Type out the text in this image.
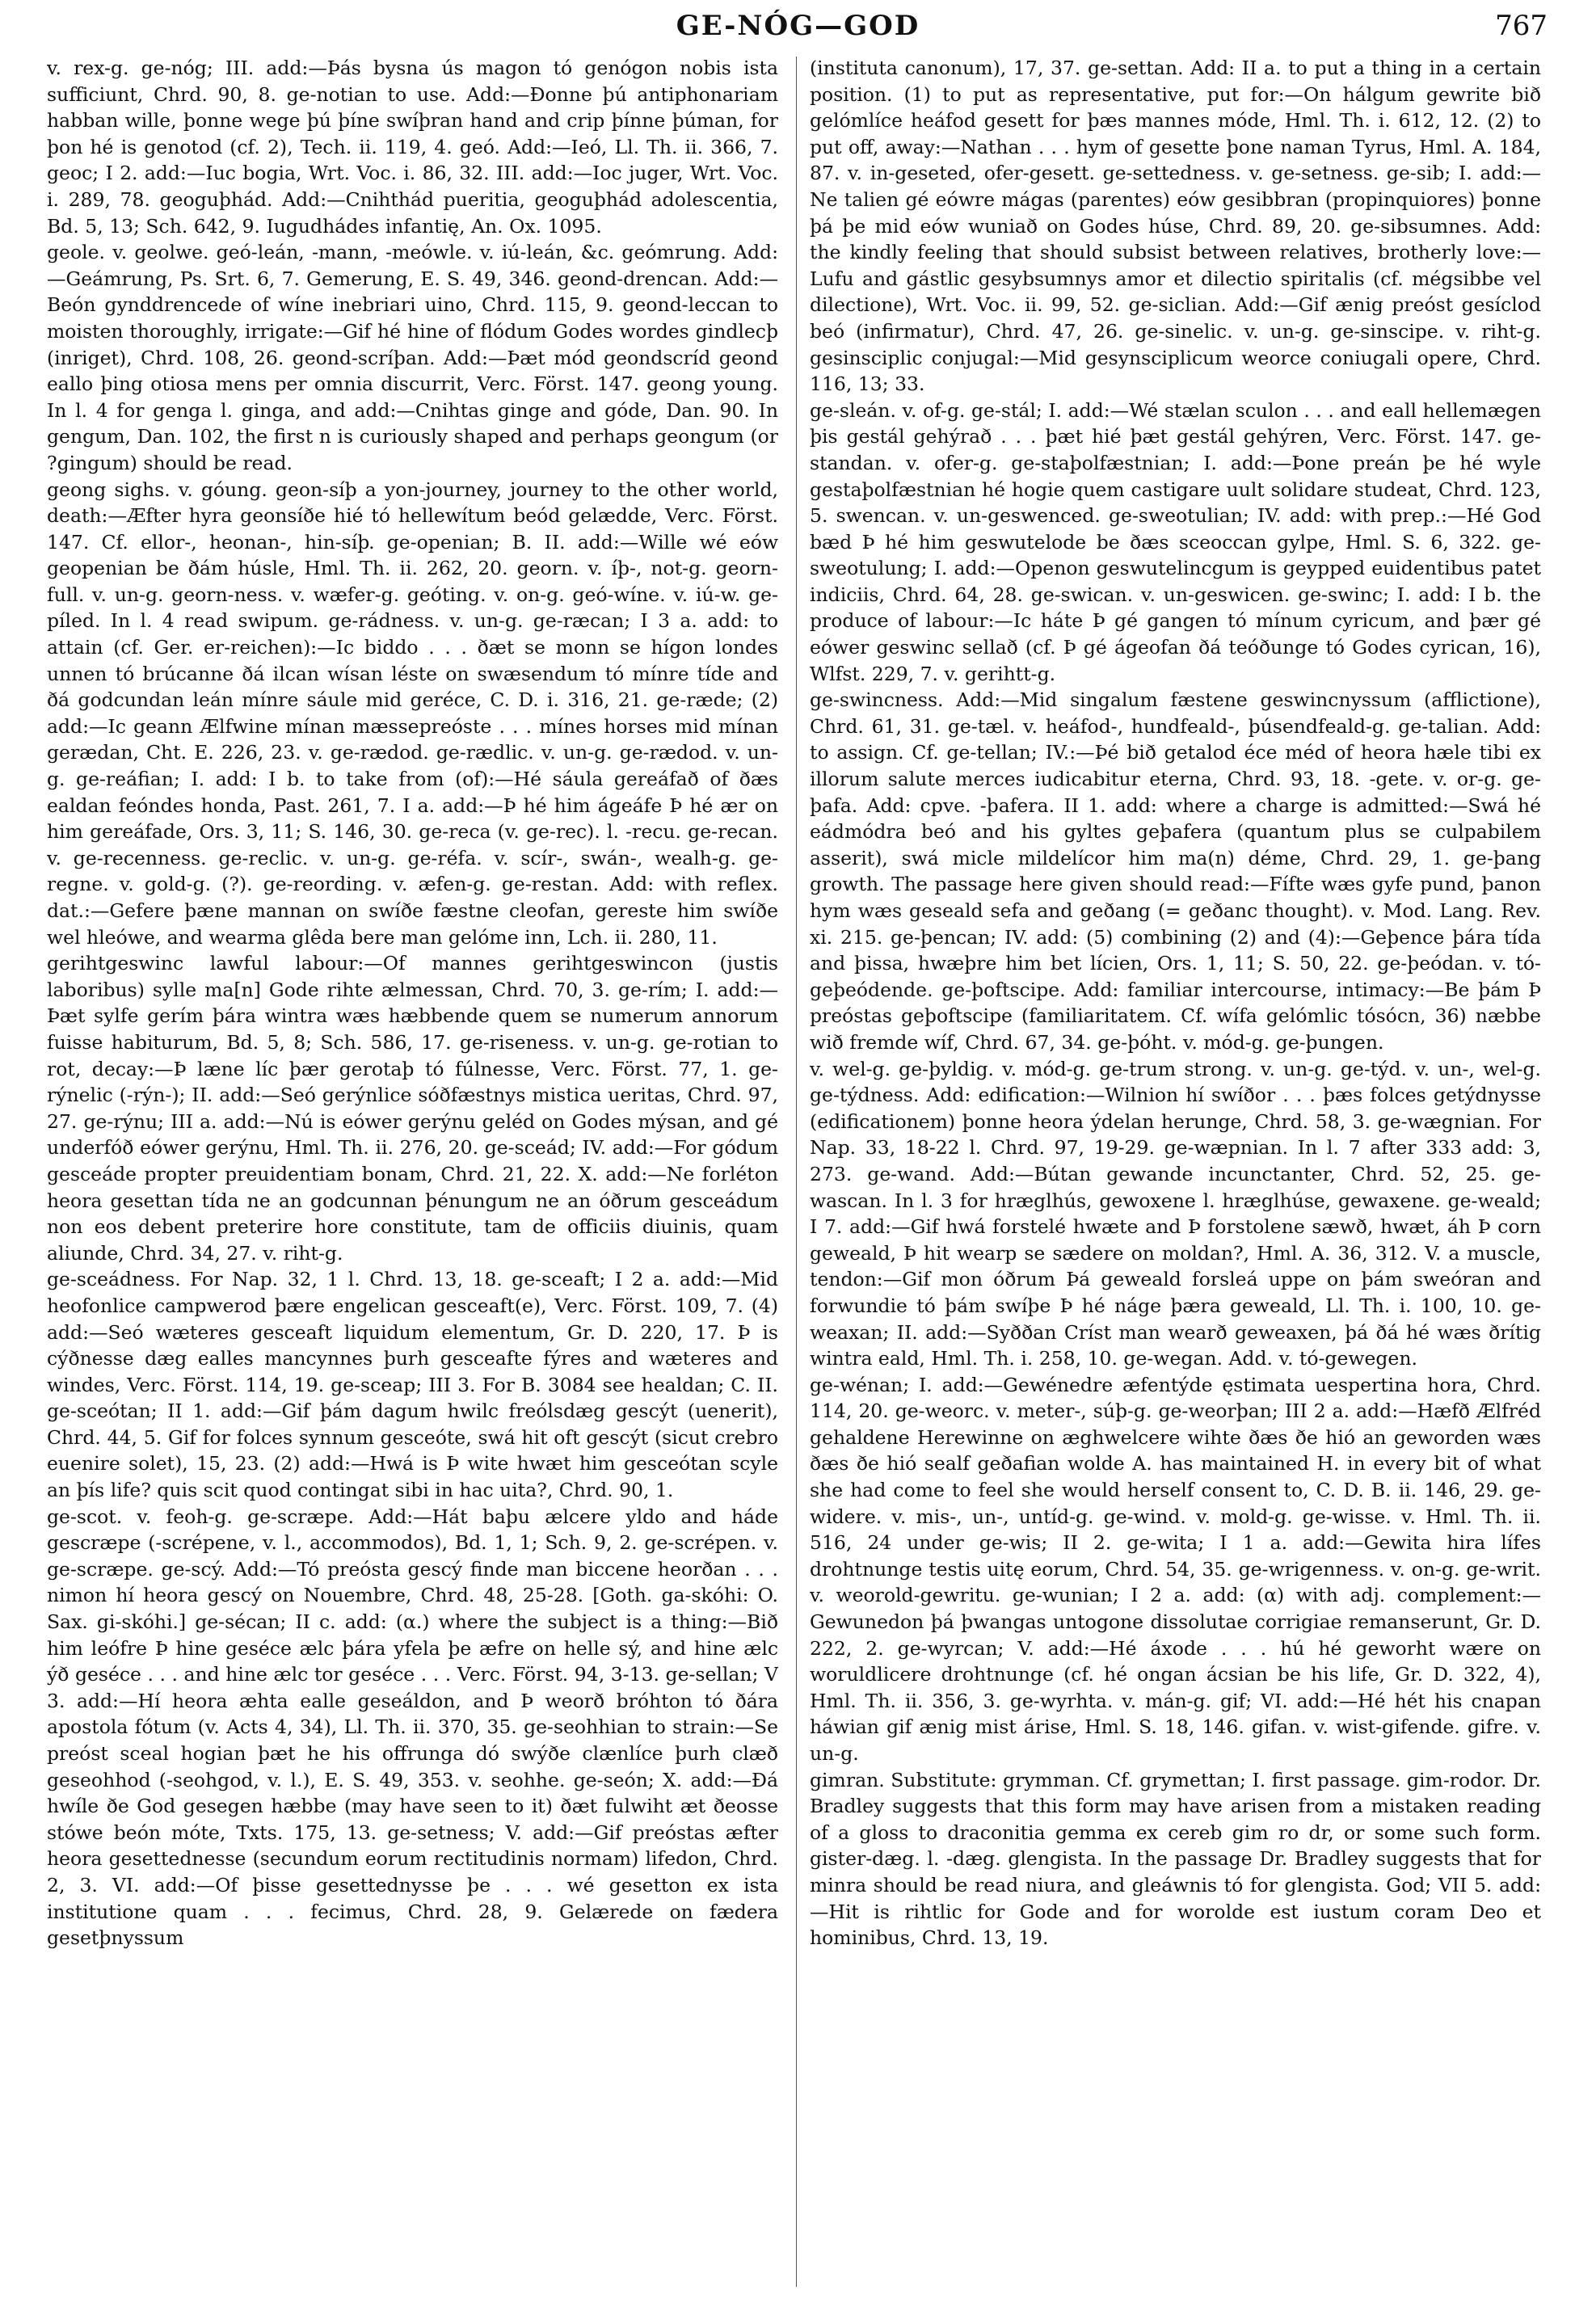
GE-NÓG—GOD	767

v. rex-g. ge-nóg; III. add:—Þás bysna ús magon tó genógon nobis ista sufficiunt, Chrd. 90, 8. ge-notian to use. Add:—Ðonne þú antiphonariam habban wille, þonne wege þú þíne swíþran hand and crip þínne þúman, for þon hé is genotod (cf. 2), Tech. ii. 119, 4. geó. Add:—Ieó, Ll. Th. ii. 366, 7. geoc; I 2. add:—Iuc bogia, Wrt. Voc. i. 86, 32. III. add:—Ioc juger, Wrt. Voc. i. 289, 78. geoguþhád. Add:—Cnihthád pueritia, geoguþhád adolescentia, Bd. 5, 13; Sch. 642, 9. Iugudhádes infantię, An. Ox. 1095.

geole. v. geolwe. geó-leán, -mann, -meówle. v. iú-leán, &c. geómrung. Add:—Geámrung, Ps. Srt. 6, 7. Gemerung, E. S. 49, 346. geond-drencan. Add:—Beón gynddrencede of wíne inebriari uino, Chrd. 115, 9. geond-leccan to moisten thoroughly, irrigate:—Gif hé hine of flódum Godes wordes gindlecþ (inriget), Chrd. 108, 26. geond-scríþan. Add:—Þæt mód geondscríd geond eallo þing otiosa mens per omnia discurrit, Verc. Först. 147. geong young. In l. 4 for genga l. ginga, and add:—Cnihtas ginge and góde, Dan. 90. In gengum, Dan. 102, the first n is curiously shaped and perhaps geongum (or ?gingum) should be read.

geong sighs. v. góung. geon-síþ a yon-journey, journey to the other world, death:—Æfter hyra geonsíðe hié tó hellewítum beód gelædde, Verc. Först. 147. Cf. ellor-, heonan-, hin-síþ. ge-openian; B. II. add:—Wille wé eów geopenian be ðám húsle, Hml. Th. ii. 262, 20. georn. v. íþ-, not-g. georn-full. v. un-g. georn-ness. v. wæfer-g. geóting. v. on-g. geó-wíne. v. iú-w. ge-píled. In l. 4 read swipum. ge-rádness. v. un-g. ge-ræcan; I 3 a. add: to attain (cf. Ger. er-reichen):—Ic biddo . . . ðæt se monn se hígon londes unnen tó brúcanne ðá ilcan wísan léste on swæsendum tó mínre tíde and ðá godcundan leán mínre sáule mid geréce, C. D. i. 316, 21. ge-ræde; (2) add:—Ic geann Ælfwine mínan mæssepreóste . . . mínes horses mid mínan gerædan, Cht. E. 226, 23. v. ge-rædod. ge-rædlic. v. un-g. ge-rædod. v. un-g. ge-reáfian; I. add: I b. to take from (of):—Hé sáula gereáfað of ðæs ealdan feóndes honda, Past. 261, 7. I a. add:—Þ hé him ágeáfe Þ hé ær on him gereáfade, Ors. 3, 11; S. 146, 30. ge-reca (v. ge-rec). l. -recu. ge-recan. v. ge-recenness. ge-reclic. v. un-g. ge-réfa. v. scír-, swán-, wealh-g. ge-regne. v. gold-g. (?). ge-reording. v. æfen-g. ge-restan. Add: with reflex. dat.:—Gefere þæne mannan on swíðe fæstne cleofan, gereste him swíðe wel hleówe, and wearma glêda bere man gelóme inn, Lch. ii. 280, 11.

gerihtgeswinc lawful labour:—Of mannes gerihtgeswincon (justis laboribus) sylle ma[n] Gode rihte ælmessan, Chrd. 70, 3. ge-rím; I. add:—Þæt sylfe gerím þára wintra wæs hæbbende quem se numerum annorum fuisse habiturum, Bd. 5, 8; Sch. 586, 17. ge-riseness. v. un-g. ge-rotian to rot, decay:—Þ læne líc þær gerotaþ tó fúlnesse, Verc. Först. 77, 1. ge-rýnelic (-rýn-); II. add:—Seó gerýnlice sóðfæstnys mistica ueritas, Chrd. 97, 27. ge-rýnu; III a. add:—Nú is eówer gerýnu geléd on Godes mýsan, and gé underfóð eówer gerýnu, Hml. Th. ii. 276, 20. ge-sceád; IV. add:—For gódum gesceáde propter preuidentiam bonam, Chrd. 21, 22. X. add:—Ne forléton heora gesettan tída ne an godcunnan þénungum ne an óðrum gesceádum non eos debent preterire hore constitute, tam de officiis diuinis, quam aliunde, Chrd. 34, 27. v. riht-g.

ge-sceádness. For Nap. 32, 1 l. Chrd. 13, 18. ge-sceaft; I 2 a. add:—Mid heofonlice campwerod þære engelican gesceaft(e), Verc. Först. 109, 7. (4) add:—Seó wæteres gesceaft liquidum elementum, Gr. D. 220, 17. Þ is cýðnesse dæg ealles mancynnes þurh gesceafte fýres and wæteres and windes, Verc. Först. 114, 19. ge-sceap; III 3. For B. 3084 see healdan; C. II. ge-sceótan; II 1. add:—Gif þám dagum hwilc freólsdæg gescýt (uenerit), Chrd. 44, 5. Gif for folces synnum gesceóte, swá hit oft gescýt (sicut crebro euenire solet), 15, 23. (2) add:—Hwá is Þ wite hwæt him gesceótan scyle an þís life? quis scit quod contingat sibi in hac uita?, Chrd. 90, 1.

ge-scot. v. feoh-g. ge-scræpe. Add:—Hát baþu ælcere yldo and háde gescræpe (-scrépene, v. l., accommodos), Bd. 1, 1; Sch. 9, 2. ge-scrépen. v. ge-scræpe. ge-scý. Add:—Tó preósta gescý finde man biccene heorðan . . . nimon hí heora gescý on Nouembre, Chrd. 48, 25-28. [Goth. ga-skóhi: O. Sax. gi-skóhi.] ge-sécan; II c. add: (α.) where the subject is a thing:—Bið him leófre Þ hine geséce ælc þára yfela þe æfre on helle sý, and hine ælc ýð gesécе . . . and hine ælc tor gesécе . . . Verc. Först. 94, 3-13. ge-sellan; V 3. add:—Hí heora æhta ealle geseáldon, and Þ weorð bróhton tó ðára apostola fótum (v. Acts 4, 34), Ll. Th. ii. 370, 35. ge-seohhian to strain:—Se preóst sceal hogian þæt he his offrunga dó swýðe clænlíce þurh clæð geseohhod (-seohgod, v. l.), E. S. 49, 353. v. seohhe. ge-seón; X. add:—Ðá hwíle ðe God gesegen hæbbe (may have seen to it) ðæt fulwiht æt ðeosse stówe beón móte, Txts. 175, 13. ge-setness; V. add:—Gif preóstas æfter heora gesettednesse (secundum eorum rectitudinis normam) lifedon, Chrd. 2, 3. VI. add:—Of þisse gesettednysse þe . . . wé gesetton ex ista institutione quam . . . fecimus, Chrd. 28, 9. Gelærede on fædera gesetþnyssum

(instituta canonum), 17, 37. ge-settan. Add: II a. to put a thing in a certain position. (1) to put as representative, put for:—On hálgum gewrite bið gelómlíce heáfod gesett for þæs mannes móde, Hml. Th. i. 612, 12. (2) to put off, away:—Nathan . . . hym of gesette þone naman Tyrus, Hml. A. 184, 87. v. in-geseted, ofer-gesett. ge-settedness. v. ge-setness. ge-sib; I. add:—Ne talien gé eówre mágas (parentes) eów gesibbran (propinquiores) þonne þá þe mid eów wuniað on Godes húse, Chrd. 89, 20. ge-sibsumnes. Add: the kindly feeling that should subsist between relatives, brotherly love:—Lufu and gástlic gesybsumnys amor et dilectio spiritalis (cf. mégsibbe vel dilectione), Wrt. Voc. ii. 99, 52. ge-siclian. Add:—Gif ænig preóst gesíclod beó (infirmatur), Chrd. 47, 26. ge-sinelic. v. un-g. ge-sinscipe. v. riht-g. gesinsciplic conjugal:—Mid gesynsciplicum weorce coniugali opere, Chrd. 116, 13; 33.

ge-sleán. v. of-g. ge-stál; I. add:—Wé stælan sculon . . . and eall hellemægen þis gestál gehýrað . . . þæt hié þæt gestál gehýren, Verc. Först. 147. ge-standan. v. ofer-g. ge-staþolfæstnian; I. add:—Þone preán þe hé wyle gestaþolfæstnian hé hogie quem castigare uult solidare studeat, Chrd. 123, 5. swencan. v. un-geswenced. ge-sweotulian; IV. add: with prep.:—Hé God bæd Þ hé him geswutelode be ðæs sceoccan gylpe, Hml. S. 6, 322. ge-sweotulung; I. add:—Openon geswutelincgum is geypped euidentibus patet indiciis, Chrd. 64, 28. ge-swican. v. un-geswicen. ge-swinc; I. add: I b. the produce of labour:—Ic háte Þ gé gangen tó mínum cyricum, and þær gé eówer geswinc sellað (cf. Þ gé ágeofan ðá teóðunge tó Godes cyrican, 16), Wlfst. 229, 7. v. gerihtt-g.

ge-swincness. Add:—Mid singalum fæstene geswincnyssum (afflictione), Chrd. 61, 31. ge-tæl. v. heáfod-, hundfeald-, þúsendfeald-g. ge-talian. Add: to assign. Cf. ge-tellan; IV.:—Þé bið getalod éce méd of heora hæle tibi ex illorum salute merces iudicabitur eterna, Chrd. 93, 18. -gete. v. or-g. ge-þafa. Add: cpve. -þafera. II 1. add: where a charge is admitted:—Swá hé eádmódra beó and his gyltes geþafera (quantum plus se culpabilem asserit), swá micle mildelícor him ma(n) déme, Chrd. 29, 1. ge-þang growth. The passage here given should read:—Fífte wæs gyfe pund, þanon hym wæs geseald sefa and geðang (= geðanc thought). v. Mod. Lang. Rev. xi. 215. ge-þencan; IV. add: (5) combining (2) and (4):—Geþence þára tída and þissa, hwæþre him bet lícien, Ors. 1, 11; S. 50, 22. ge-þeódan. v. tó-geþeódende. ge-þoftscipe. Add: familiar intercourse, intimacy:—Be þám Þ preóstas geþoftscipe (familiaritatem. Cf. wífa gelómlic tósócn, 36) næbbe wið fremde wíf, Chrd. 67, 34. ge-þóht. v. mód-g. ge-þungen.

v. wel-g. ge-þyldig. v. mód-g. ge-trum strong. v. un-g. ge-týd. v. un-, wel-g. ge-týdness. Add: edification:—Wilnion hí swíðor . . . þæs folces getýdnysse (edificationem) þonne heora ýdelan herunge, Chrd. 58, 3. ge-wægnian. For Nap. 33, 18-22 l. Chrd. 97, 19-29. ge-wæpnian. In l. 7 after 333 add: 3, 273. ge-wand. Add:—Bútan gewande incunctanter, Chrd. 52, 25. ge-wascan. In l. 3 for hræglhús, gewoxene l. hræglhúse, gewaxene. ge-weald; I 7. add:—Gif hwá forstelé hwæte and Þ forstolene sæwð, hwæt, áh Þ corn geweald, Þ hit wearp se sædere on moldan?, Hml. A. 36, 312. V. a muscle, tendon:—Gif mon óðrum Þá geweald forsleá uppe on þám sweóran and forwundie tó þám swíþe Þ hé náge þæra geweald, Ll. Th. i. 100, 10. ge-weaxan; II. add:—Syððan Críst man wearð geweaxen, þá ðá hé wæs ðrítig wintra eald, Hml. Th. i. 258, 10. ge-wegan. Add. v. tó-gewegen.

ge-wénan; I. add:—Gewénedre æfentýde ęstimata uespertina hora, Chrd. 114, 20. ge-weorc. v. meter-, súþ-g. ge-weorþan; III 2 a. add:—Hæfð Ælfréd gehaldene Herewinne on æghwelcere wihte ðæs ðe hió an geworden wæs ðæs ðe hió sealf geðafian wolde A. has maintained H. in every bit of what she had come to feel she would herself consent to, C. D. B. ii. 146, 29. ge-widere. v. mis-, un-, untíd-g. ge-wind. v. mold-g. ge-wisse. v. Hml. Th. ii. 516, 24 under ge-wis; II 2. ge-wita; I 1 a. add:—Gewita hira lífes drohtnunge testis uitę eorum, Chrd. 54, 35. ge-wrigenness. v. on-g. ge-writ. v. weorold-gewritu. ge-wunian; I 2 a. add: (α) with adj. complement:—Gewunedon þá þwangas untogone dissolutae corrigiae remanserunt, Gr. D. 222, 2. ge-wyrcan; V. add:—Hé áxode . . . hú hé geworht wære on woruldlicere drohtnunge (cf. hé ongan ácsian be his life, Gr. D. 322, 4), Hml. Th. ii. 356, 3. ge-wyrhta. v. mán-g. gif; VI. add:—Hé hét his cnapan háwian gif ænig mist árise, Hml. S. 18, 146. gifan. v. wist-gifende. gifre. v. un-g.

gimran. Substitute: grymman. Cf. grymettan; I. first passage. gim-rodor. Dr. Bradley suggests that this form may have arisen from a mistaken reading of a gloss to draconitia gemma ex cereb gim ro dr, or some such form. gister-dæg. l. -dæg. glengista. In the passage Dr. Bradley suggests that for minra should be read niura, and gleáwnis tó for glengista. God; VII 5. add:—Hit is rihtlic for Gode and for worolde est iustum coram Deo et hominibus, Chrd. 13, 19.
